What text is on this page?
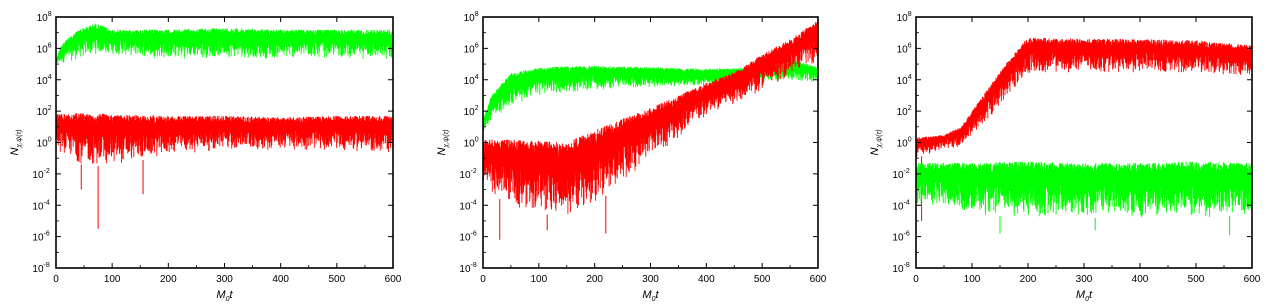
0	100	200	300	400	500	600
$10^8$
$10^6$
$10^4$
$10^2$
$10^0$
$10^{-2}$
$10^{-4}$
$10^{-6}$
$10^{-8}$
$M_0t$
$N_{\chi,\psi(\tau)}$
0	100	200	300	400	500	600
$10^8$
$10^6$
$10^4$
$10^2$
$10^0$
$10^{-2}$
$10^{-4}$
$10^{-6}$
$10^{-8}$
$M_0t$
$N_{\chi,\psi(\tau)}$
0	100	200	300	400	500	600
$10^8$
$10^6$
$10^4$
$10^2$
$10^0$
$10^{-2}$
$10^{-4}$
$10^{-6}$
$10^{-8}$
$M_0t$
$N_{\chi,\psi(\tau)}$
